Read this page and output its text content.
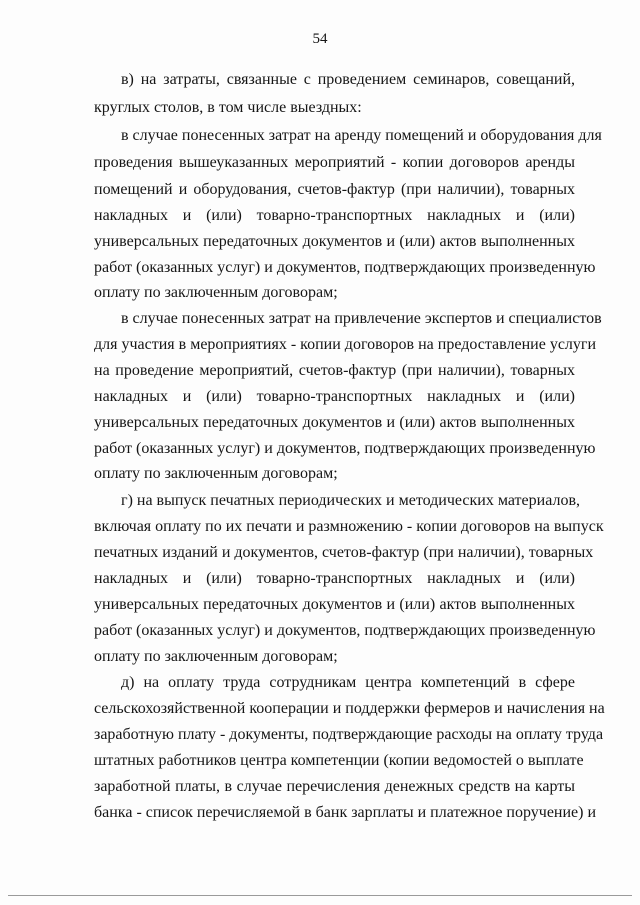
54
в) на затраты, связанные с проведением семинаров, совещаний,
круглых столов, в том числе выездных:
в случае понесенных затрат на аренду помещений и оборудования для
проведения вышеуказанных мероприятий - копии договоров аренды
помещений и оборудования, счетов-фактур (при наличии), товарных
накладных и (или) товарно-транспортных накладных и (или)
универсальных передаточных документов и (или) актов выполненных
работ (оказанных услуг) и документов, подтверждающих произведенную
оплату по заключенным договорам;
в случае понесенных затрат на привлечение экспертов и специалистов
для участия в мероприятиях - копии договоров на предоставление услуги
на проведение мероприятий, счетов-фактур (при наличии), товарных
накладных и (или) товарно-транспортных накладных и (или)
универсальных передаточных документов и (или) актов выполненных
работ (оказанных услуг) и документов, подтверждающих произведенную
оплату по заключенным договорам;
г) на выпуск печатных периодических и методических материалов,
включая оплату по их печати и размножению - копии договоров на выпуск
печатных изданий и документов, счетов-фактур (при наличии), товарных
накладных и (или) товарно-транспортных накладных и (или)
универсальных передаточных документов и (или) актов выполненных
работ (оказанных услуг) и документов, подтверждающих произведенную
оплату по заключенным договорам;
д) на оплату труда сотрудникам центра компетенций в сфере
сельскохозяйственной кооперации и поддержки фермеров и начисления на
заработную плату - документы, подтверждающие расходы на оплату труда
штатных работников центра компетенции (копии ведомостей о выплате
заработной платы, в случае перечисления денежных средств на карты
банка - список перечисляемой в банк зарплаты и платежное поручение) и
